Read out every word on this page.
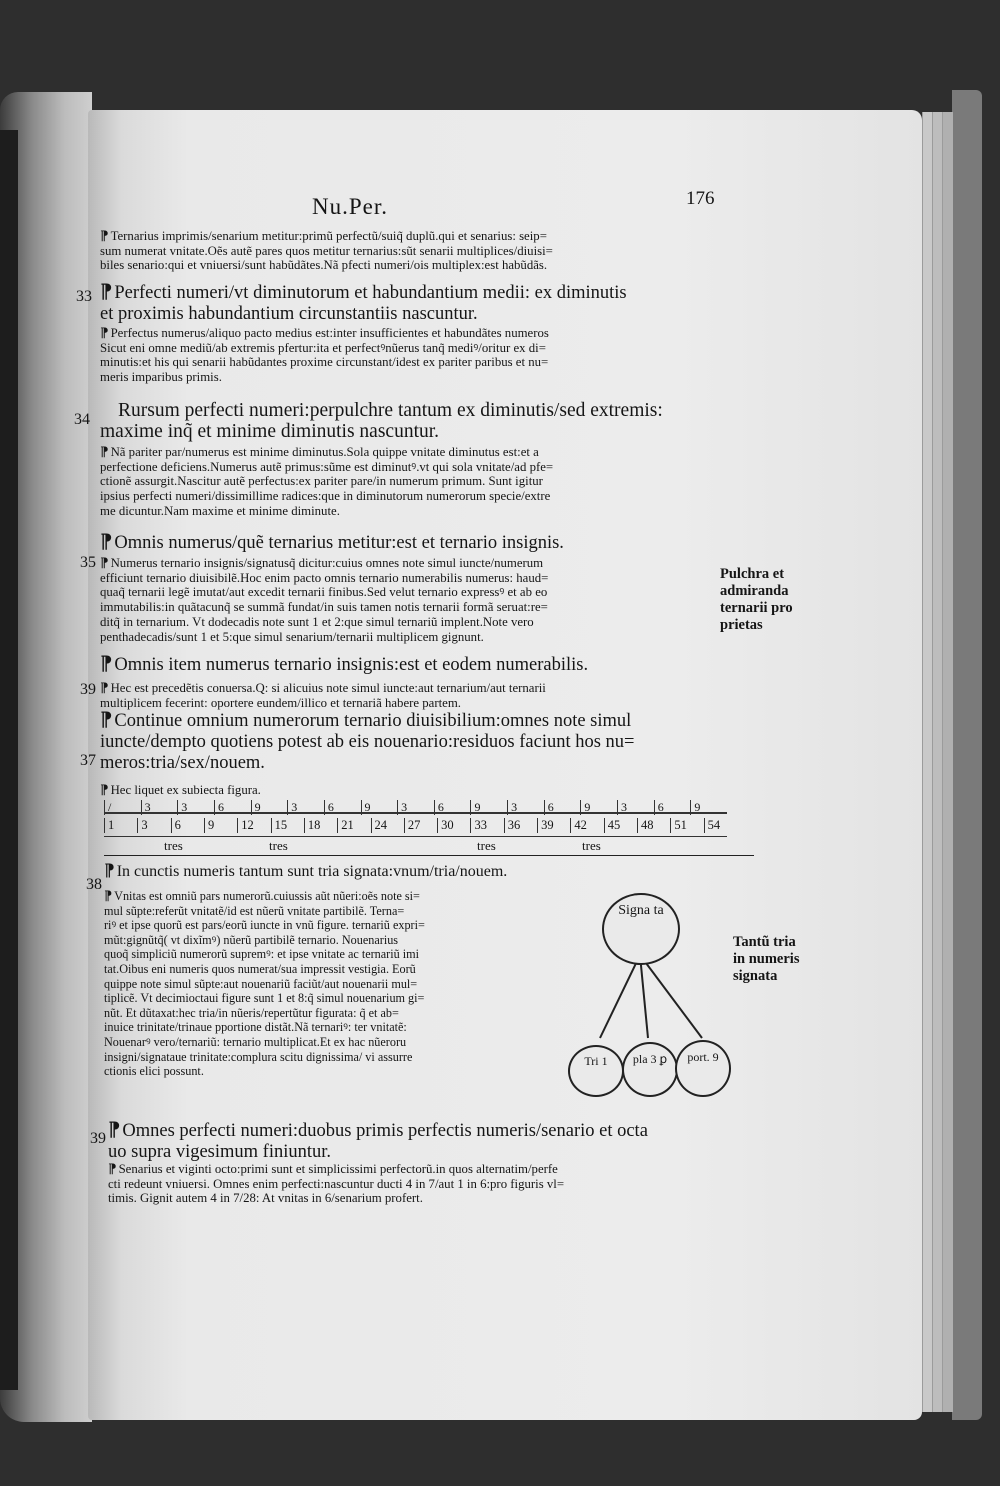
Nu.Per.	176
⁋ Ternarius imprimis/senarium metitur:primũ perfectũ/suiq̃ duplũ.qui et senarius: seip=
sum numerat vnitate.Oẽs autẽ pares quos metitur ternarius:sũt senarii multiplices/diuisi=
biles senario:qui et vniuersi/sunt habũdãtes.Nã pfecti numeri/ois multiplex:est habũdãs.
33 ⁋ Perfecti numeri/vt diminutorum et habundantium medii: ex diminutis
et proximis habundantium circunstantiis nascuntur.
⁋ Perfectus numerus/aliquo pacto medius est:inter insufficientes et habundãtes numeros
Sicut eni omne mediũ/ab extremis pfertur:ita et perfectꝰnũerus tanq̃ mediꝰ/oritur ex di=
minutis:et his qui senarii habũdantes proxime circunstant/idest ex pariter paribus et nu=
meris imparibus primis.
34 Rursum perfecti numeri:perpulchre tantum ex diminutis/sed extremis:
maxime inq̃ et minime diminutis nascuntur.
⁋ Nã pariter par/numerus est minime diminutus.Sola quippe vnitate diminutus est:et a
perfectione deficiens.Numerus autẽ primus:sũme est diminutꝰ.vt qui sola vnitate/ad pfe=
ctionẽ assurgit.Nascitur autẽ perfectus:ex pariter pare/in numerum primum. Sunt igitur
ipsius perfecti numeri/dissimillime radices:que in diminutorum numerorum specie/extre
me dicuntur.Nam maxime et minime diminute.
⁋ Omnis numerus/quẽ ternarius metitur:est et ternario insignis.
35 ⁋ Numerus ternario insignis/signatusq̃ dicitur:cuius omnes note simul iuncte/numerum
efficiunt ternario diuisibilẽ.Hoc enim pacto omnis ternario numerabilis numerus: haud=
quaq̃ ternarii legẽ imutat/aut excedit ternarii finibus.Sed velut ternario expressꝰ et ab eo
immutabilis:in quãtacunq̃ se summã fundat/in suis tamen notis ternarii formã seruat:re=
ditq̃ in ternarium. Vt dodecadis note sunt 1 et 2:que simul ternariũ implent.Note vero
penthadecadis/sunt 1 et 5:que simul senarium/ternarii multiplicem gignunt.
Pulchra et
admiranda
ternarii pro
prietas
⁋ Omnis item numerus ternario insignis:est et eodem numerabilis.
39 ⁋ Hec est precedẽtis conuersa.Q: si alicuius note simul iuncte:aut ternarium/aut ternarii
multiplicem fecerint: oportere eundem/illico et ternariã habere partem.
⁋ Continue omnium numerorum ternario diuisibilium:omnes note simul
iuncte/dempto quotiens potest ab eis nouenario:residuos faciunt hos nu=
meros:tria/sex/nouem.
37
⁋ Hec liquet ex subiecta figura.
/	3	3	6	9	3	6	9	3	6	9	3	6	9	3	6	9
1	3	6	9	12	15	18	21	24	27	30	33	36	39	42	45	48	51	54
tres	tres	tres	tres
38
⁋ In cunctis numeris tantum sunt tria signata:vnum/tria/nouem.
⁋ Vnitas est omniũ pars numerorũ.cuiussis aũt nũeri:oẽs note si=
mul sũpte:referũt vnitatẽ/id est nũerũ vnitate partibilẽ. Terna=
riꝰ et ipse quorũ est pars/eorũ iuncte in vnũ figure. ternariũ expri=
mũt:gignũtq̃( vt dixĩmꝰ) nũerũ partibilẽ ternario. Nouenarius
quoq̃ simpliciũ numerorũ supremꝰ: et ipse vnitate ac ternariũ imi
tat.Oibus eni numeris quos numerat/sua impressit vestigia. Eorũ
quippe note simul sũpte:aut nouenariũ faciũt/aut nouenarii mul=
tiplicẽ. Vt decimioctaui figure sunt 1 et 8:q̃ simul nouenarium gi=
nũt. Et dũtaxat:hec tria/in nũeris/repertũtur figurata: q̃ et ab=
inuice trinitate/trinaue pportione distãt.Nã ternariꝰ: ter vnitatẽ:
Nouenarꝰ vero/ternariũ: ternario multiplicat.Et ex hac nũeroru
insigni/signataue trinitate:complura scitu dignissima/ vi assurre
ctionis elici possunt.
Signa ta
Tri 1	pla 3 ꝑ	port. 9
Tantũ tria
in numeris
signata
39 ⁋ Omnes perfecti numeri:duobus primis perfectis numeris/senario et octa
uo supra vigesimum finiuntur.
⁋ Senarius et viginti octo:primi sunt et simplicissimi perfectorũ.in quos alternatim/perfe
cti redeunt vniuersi. Omnes enim perfecti:nascuntur ducti 4 in 7/aut 1 in 6:pro figuris vl=
timis. Gignit autem 4 in 7/28: At vnitas in 6/senarium profert.
